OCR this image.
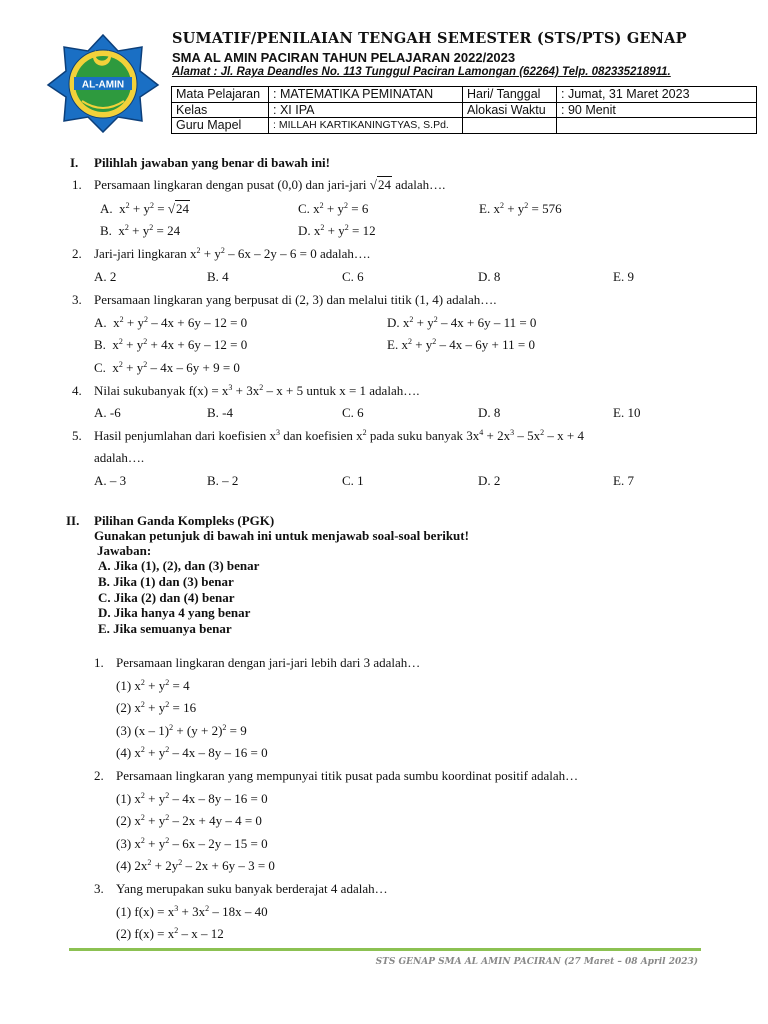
AL-AMIN
SUMATIF/PENILAIAN TENGAH SEMESTER (STS/PTS) GENAP
SMA AL AMIN PACIRAN TAHUN PELAJARAN 2022/2023
Alamat : Jl. Raya Deandles No. 113 Tunggul Paciran Lamongan (62264) Telp. 082335218911.
Mata Pelajaran	: MATEMATIKA PEMINATAN	Hari/ Tanggal	: Jumat, 31 Maret 2023
Kelas	: XI IPA	Alokasi Waktu	: 90 Menit
Guru Mapel	: MILLAH KARTIKANINGTYAS, S.Pd.		
I. Pilihlah jawaban yang benar di bawah ini!
1. Persamaan lingkaran dengan pusat (0,0) dan jari-jari √24 adalah….
A.  $x^2 + y^2 = √24$	C. $x^2 + y^2 = 6$	E. $x^2 + y^2 = 576$
B.  $x^2 + y^2 = 24$	D. $x^2 + y^2 = 12$
2. Jari-jari lingkaran $x^2 + y^2 - 6x - 2y - 6 = 0$ adalah….
A. 2	B. 4	C. 6	D. 8	E. 9
3. Persamaan lingkaran yang berpusat di (2, 3) dan melalui titik (1, 4) adalah….
A.  $x^2 + y^2 - 4x + 6y - 12 = 0$	D. $x^2 + y^2 - 4x + 6y - 11 = 0$
B.  $x^2 + y^2 + 4x + 6y - 12 = 0$	E. $x^2 + y^2 - 4x - 6y + 11 = 0$
C.  $x^2 + y^2 - 4x - 6y + 9 = 0$
4. Nilai sukubanyak $f(x) = x^3 + 3x^2 - x + 5$ untuk x = 1 adalah….
A. -6	B. -4	C. 6	D. 8	E. 10
5. Hasil penjumlahan dari koefisien $x^3$ dan koefisien $x^2$ pada suku banyak $3x^4 + 2x^3 - 5x^2 - x + 4$
adalah….
A. – 3	B. – 2	C. 1	D. 2	E. 7
II. Pilihan Ganda Kompleks (PGK)
Gunakan petunjuk di bawah ini untuk menjawab soal-soal berikut!
Jawaban:
A. Jika (1), (2), dan (3) benar
B. Jika (1) dan (3) benar
C. Jika (2) dan (4) benar
D. Jika hanya 4 yang benar
E. Jika semuanya benar
1. Persamaan lingkaran dengan jari-jari lebih dari 3 adalah…
(1) $x^2 + y^2 = 4$
(2) $x^2 + y^2 = 16$
(3) $(x - 1)^2 + (y + 2)^2 = 9$
(4) $x^2 + y^2 - 4x - 8y - 16 = 0$
2. Persamaan lingkaran yang mempunyai titik pusat pada sumbu koordinat positif adalah…
(1) $x^2 + y^2 - 4x - 8y - 16 = 0$
(2) $x^2 + y^2 - 2x + 4y - 4 = 0$
(3) $x^2 + y^2 - 6x - 2y - 15 = 0$
(4) $2x^2 + 2y^2 - 2x + 6y - 3 = 0$
3. Yang merupakan suku banyak berderajat 4 adalah…
(1) $f(x) = x^3 + 3x^2 - 18x - 40$
(2) $f(x) = x^2 - x - 12$
STS GENAP SMA AL AMIN PACIRAN (27 Maret – 08 April 2023)
